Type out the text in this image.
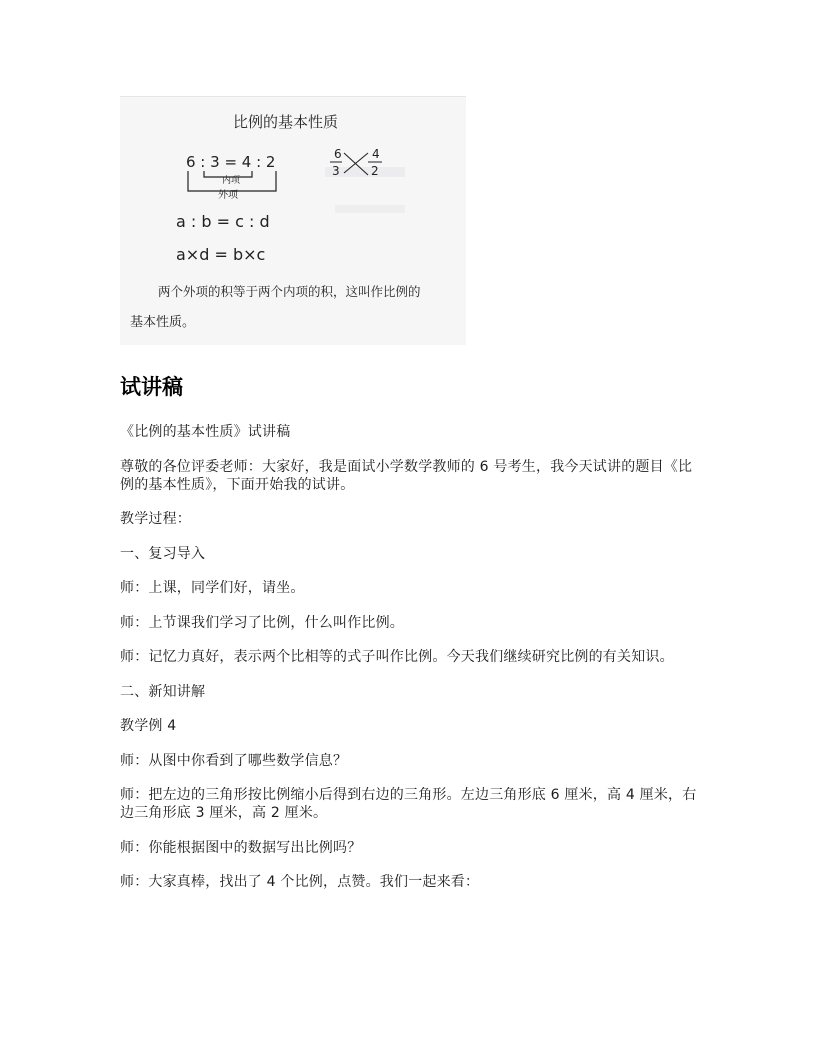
比例的基本性质
6 : 3 = 4 : 2
内项
外项
6
3
4
2
a : b = c : d
a×d = b×c
两个外项的积等于两个内项的积，这叫作比例的
基本性质。
试讲稿

《比例的基本性质》试讲稿

尊敬的各位评委老师：大家好，我是面试小学数学教师的 6 号考生，我今天试讲的题目《比例的基本性质》，下面开始我的试讲。

教学过程：

一、复习导入

师：上课，同学们好，请坐。

师：上节课我们学习了比例，什么叫作比例。

师：记忆力真好，表示两个比相等的式子叫作比例。今天我们继续研究比例的有关知识。

二、新知讲解

教学例 4

师：从图中你看到了哪些数学信息？

师：把左边的三角形按比例缩小后得到右边的三角形。左边三角形底 6 厘米，高 4 厘米，右边三角形底 3 厘米，高 2 厘米。

师：你能根据图中的数据写出比例吗？

师：大家真棒，找出了 4 个比例，点赞。我们一起来看：
